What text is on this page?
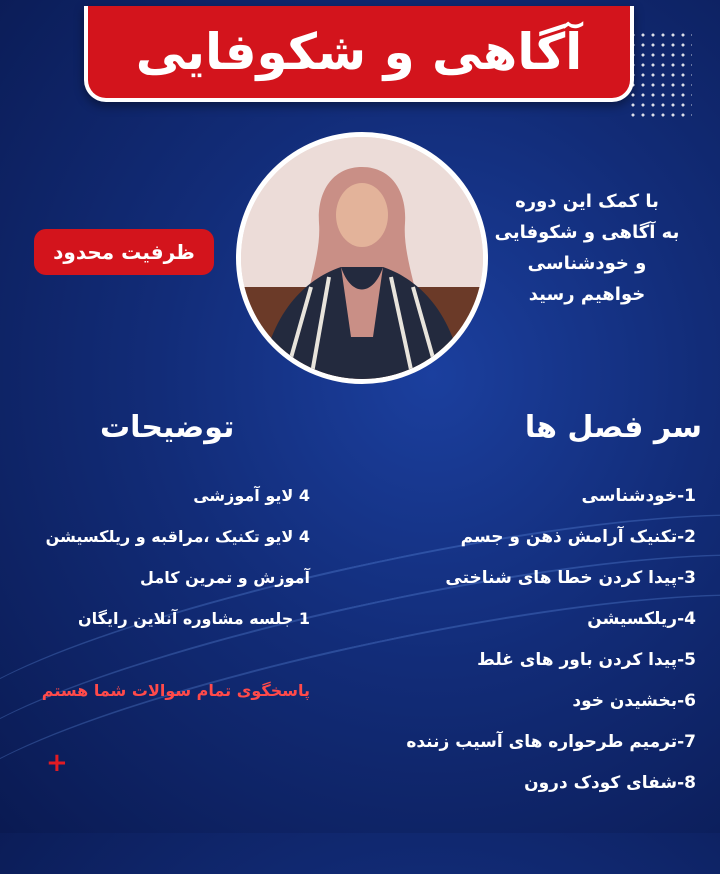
آگاهی و شکوفایی
ظرفیت محدود
با کمک این دوره
به آگاهی و شکوفایی
و خودشناسی
خواهیم رسید
سر فصل ها
توضیحات
1-خودشناسی
2-تکنیک آرامش ذهن و جسم
3-پیدا کردن خطا های شناختی
4-ریلکسیشن
5-پیدا کردن باور های غلط
6-بخشیدن خود
7-ترمیم طرحواره های آسیب زننده
8-شفای کودک درون
4 لایو آموزشی
4 لایو تکنیک ،مراقبه و ریلکسیشن
آموزش و تمرین کامل
1 جلسه مشاوره آنلاین رایگان
پاسخگوی تمام سوالات شما هستم
+
